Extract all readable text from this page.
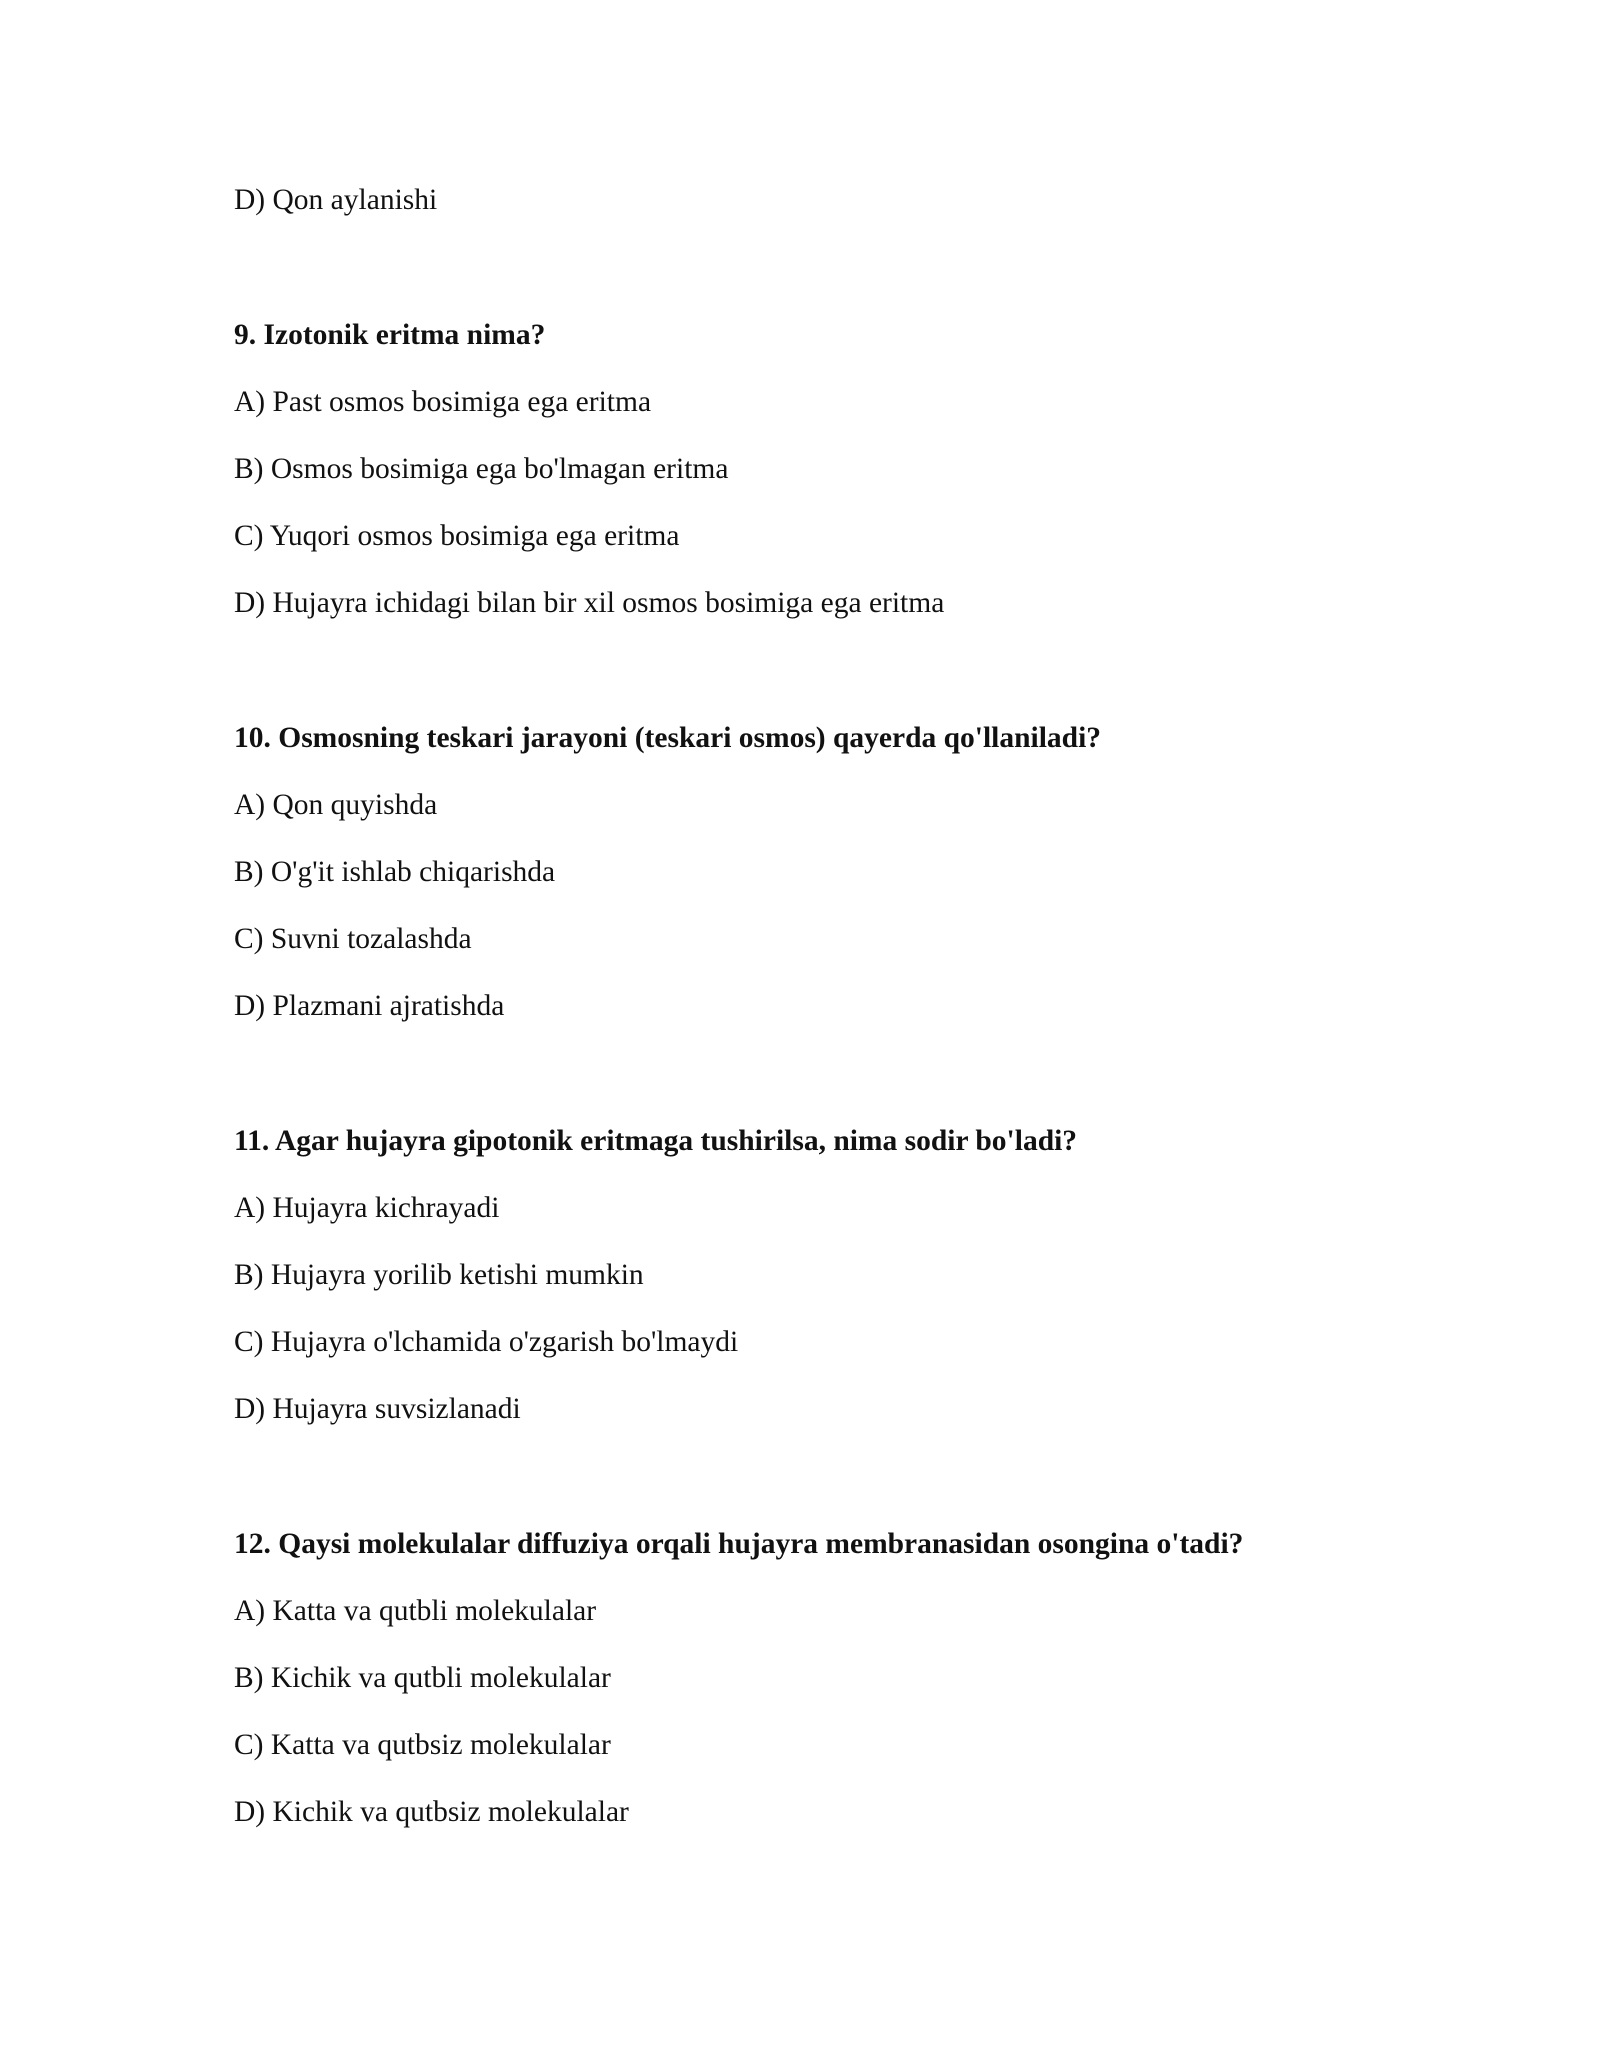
D) Qon aylanishi
9. Izotonik eritma nima?
A) Past osmos bosimiga ega eritma
B) Osmos bosimiga ega bo'lmagan eritma
C) Yuqori osmos bosimiga ega eritma
D) Hujayra ichidagi bilan bir xil osmos bosimiga ega eritma
10. Osmosning teskari jarayoni (teskari osmos) qayerda qo'llaniladi?
A) Qon quyishda
B) O'g'it ishlab chiqarishda
C) Suvni tozalashda
D) Plazmani ajratishda
11. Agar hujayra gipotonik eritmaga tushirilsa, nima sodir bo'ladi?
A) Hujayra kichrayadi
B) Hujayra yorilib ketishi mumkin
C) Hujayra o'lchamida o'zgarish bo'lmaydi
D) Hujayra suvsizlanadi
12. Qaysi molekulalar diffuziya orqali hujayra membranasidan osongina o'tadi?
A) Katta va qutbli molekulalar
B) Kichik va qutbli molekulalar
C) Katta va qutbsiz molekulalar
D) Kichik va qutbsiz molekulalar
